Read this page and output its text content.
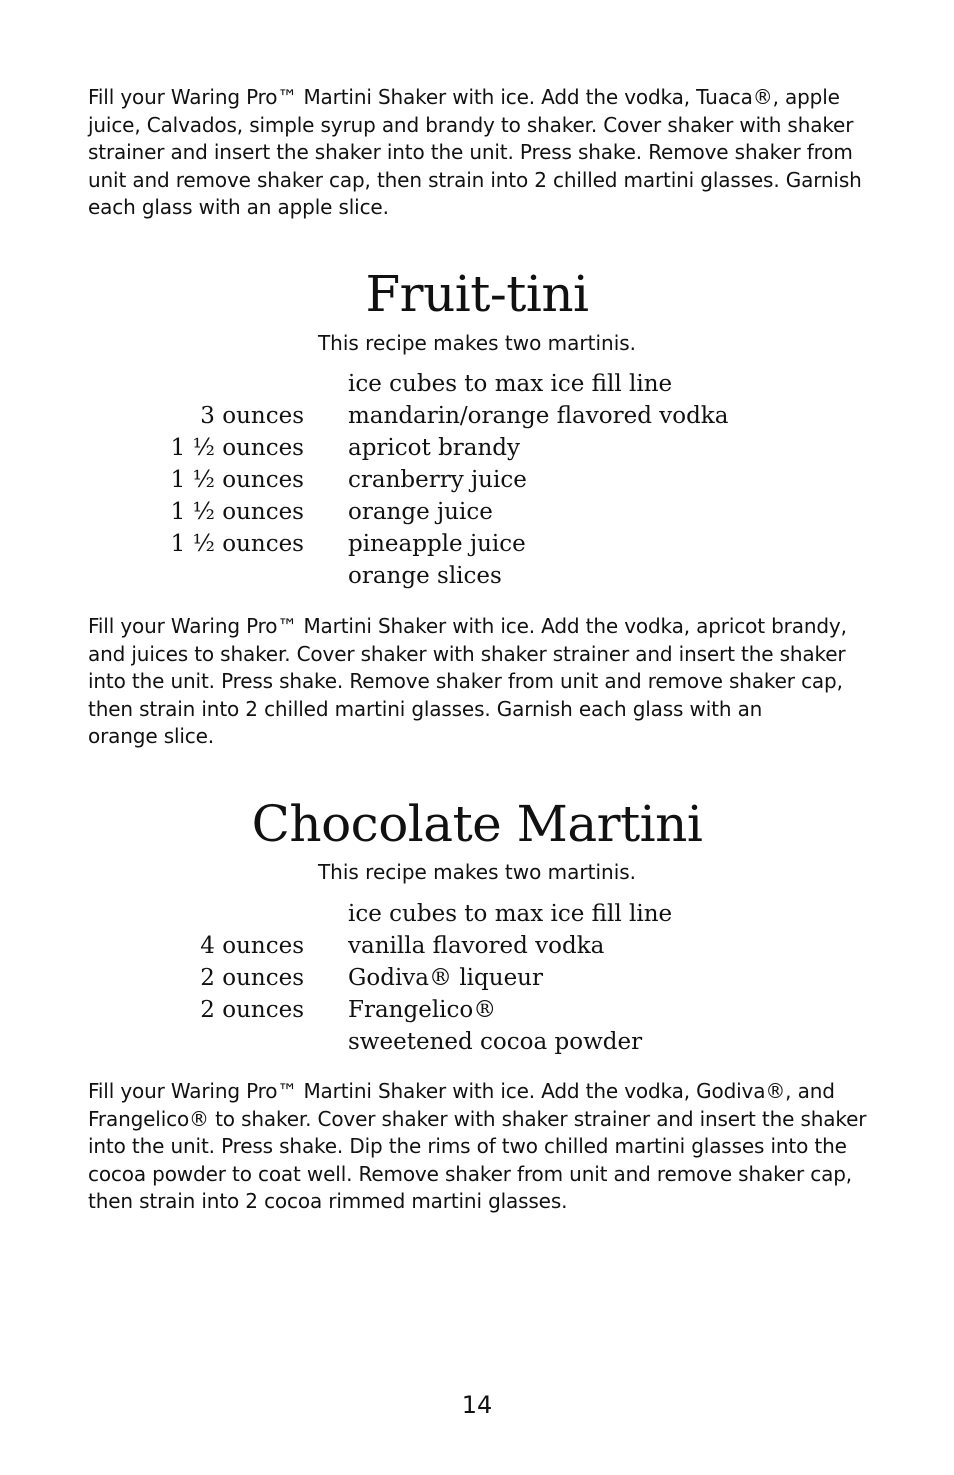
Fill your Waring Pro™ Martini Shaker with ice. Add the vodka, Tuaca®, apple
juice, Calvados, simple syrup and brandy to shaker. Cover shaker with shaker
strainer and insert the shaker into the unit. Press shake. Remove shaker from
unit and remove shaker cap, then strain into 2 chilled martini glasses. Garnish
each glass with an apple slice.

Fruit-tini

This recipe makes two martinis.

ice cubes to max ice fill line
3 ounces mandarin/orange flavored vodka
1 ½ ounces apricot brandy
1 ½ ounces cranberry juice
1 ½ ounces orange juice
1 ½ ounces pineapple juice
orange slices

Fill your Waring Pro™ Martini Shaker with ice. Add the vodka, apricot brandy,
and juices to shaker. Cover shaker with shaker strainer and insert the shaker
into the unit. Press shake. Remove shaker from unit and remove shaker cap,
then strain into 2 chilled martini glasses. Garnish each glass with an
orange slice.

Chocolate Martini

This recipe makes two martinis.

ice cubes to max ice fill line
4 ounces vanilla flavored vodka
2 ounces Godiva® liqueur
2 ounces Frangelico®
sweetened cocoa powder

Fill your Waring Pro™ Martini Shaker with ice. Add the vodka, Godiva®, and
Frangelico® to shaker. Cover shaker with shaker strainer and insert the shaker
into the unit. Press shake. Dip the rims of two chilled martini glasses into the
cocoa powder to coat well. Remove shaker from unit and remove shaker cap,
then strain into 2 cocoa rimmed martini glasses.

14
